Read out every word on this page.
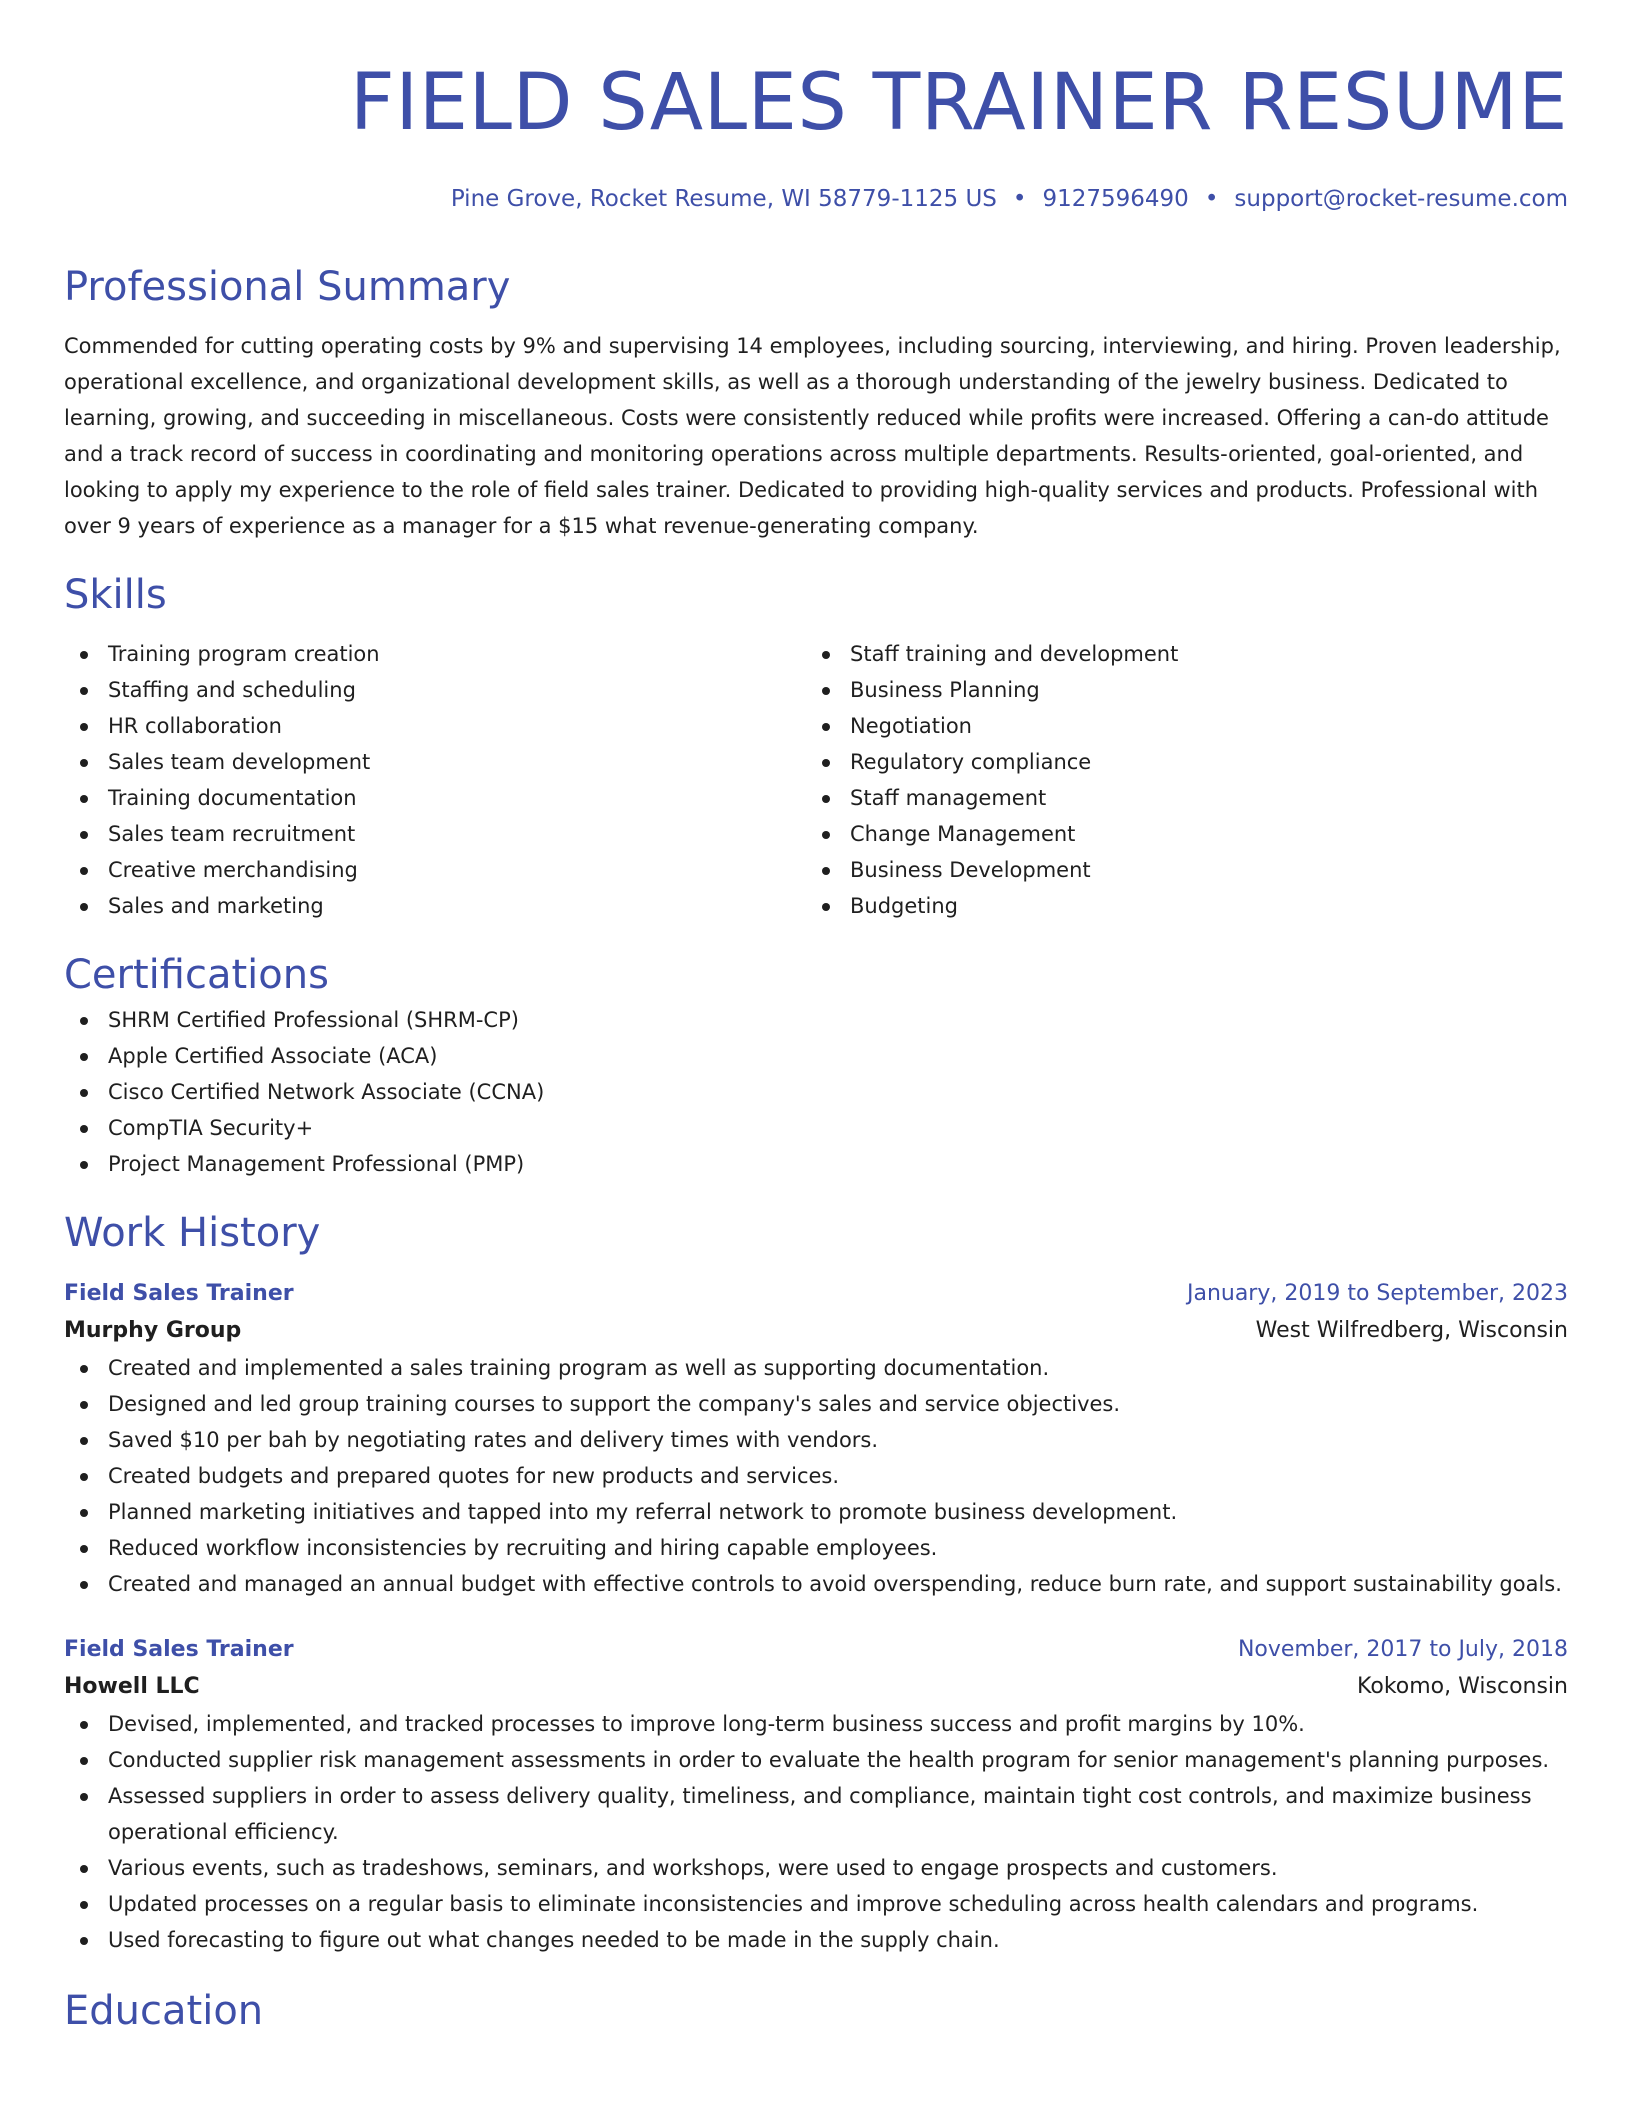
FIELD SALES TRAINER RESUME
Pine Grove, Rocket Resume, WI 58779-1125 US • 9127596490 • support@rocket-resume.com
Professional Summary
Commended for cutting operating costs by 9% and supervising 14 employees, including sourcing, interviewing, and hiring. Proven leadership, operational excellence, and organizational development skills, as well as a thorough understanding of the jewelry business. Dedicated to learning, growing, and succeeding in miscellaneous. Costs were consistently reduced while profits were increased. Offering a can-do attitude and a track record of success in coordinating and monitoring operations across multiple departments. Results-oriented, goal-oriented, and looking to apply my experience to the role of field sales trainer. Dedicated to providing high-quality services and products. Professional with over 9 years of experience as a manager for a $15 what revenue-generating company.
Skills
Training program creation
Staffing and scheduling
HR collaboration
Sales team development
Training documentation
Sales team recruitment
Creative merchandising
Sales and marketing
Staff training and development
Business Planning
Negotiation
Regulatory compliance
Staff management
Change Management
Business Development
Budgeting
Certifications
SHRM Certified Professional (SHRM-CP)
Apple Certified Associate (ACA)
Cisco Certified Network Associate (CCNA)
CompTIA Security+
Project Management Professional (PMP)
Work History
Field Sales Trainer	January, 2019 to September, 2023
Murphy Group	West Wilfredberg, Wisconsin
Created and implemented a sales training program as well as supporting documentation.
Designed and led group training courses to support the company's sales and service objectives.
Saved $10 per bah by negotiating rates and delivery times with vendors.
Created budgets and prepared quotes for new products and services.
Planned marketing initiatives and tapped into my referral network to promote business development.
Reduced workflow inconsistencies by recruiting and hiring capable employees.
Created and managed an annual budget with effective controls to avoid overspending, reduce burn rate, and support sustainability goals.
Field Sales Trainer	November, 2017 to July, 2018
Howell LLC	Kokomo, Wisconsin
Devised, implemented, and tracked processes to improve long-term business success and profit margins by 10%.
Conducted supplier risk management assessments in order to evaluate the health program for senior management's planning purposes.
Assessed suppliers in order to assess delivery quality, timeliness, and compliance, maintain tight cost controls, and maximize business operational efficiency.
Various events, such as tradeshows, seminars, and workshops, were used to engage prospects and customers.
Updated processes on a regular basis to eliminate inconsistencies and improve scheduling across health calendars and programs.
Used forecasting to figure out what changes needed to be made in the supply chain.
Education
